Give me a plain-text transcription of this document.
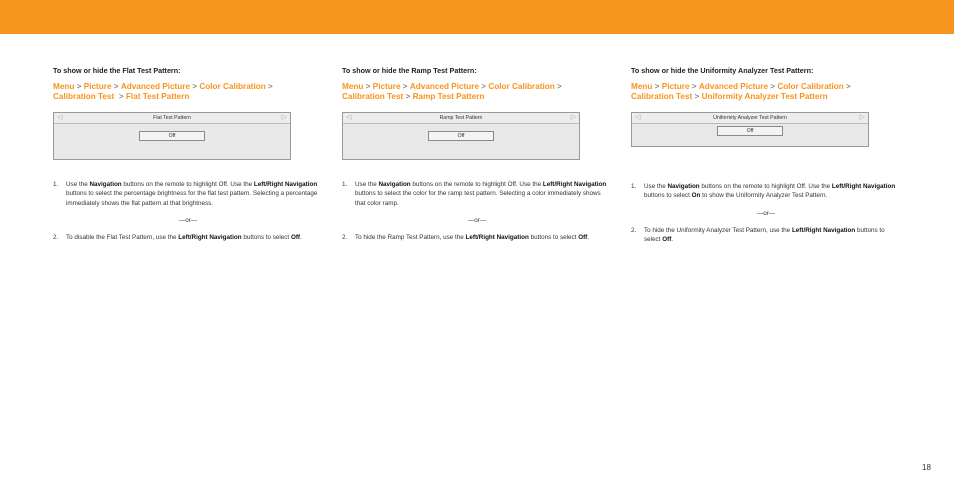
To show or hide the Flat Test Pattern:

Menu > Picture > Advanced Picture > Color Calibration >
Calibration Test  > Flat Test Pattern

◁	Flat Test Pattern	▷
Off
1. Use the Navigation buttons on the remote to highlight Off. Use the Left/Right Navigation buttons to select the percentage brightness for the flat test pattern. Selecting a percentage immediately shows the flat pattern at that brightness.
—or—
2. To disable the Flat Test Pattern, use the Left/Right Navigation buttons to select Off.

To show or hide the Ramp Test Pattern:

Menu > Picture > Advanced Picture > Color Calibration >
Calibration Test > Ramp Test Pattern

◁	Ramp Test Pattern	▷
Off
1. Use the Navigation buttons on the remote to highlight Off. Use the Left/Right Navigation buttons to select the color for the ramp test pattern. Selecting a color immediately shows that color ramp.
—or—
2. To hide the Ramp Test Pattern, use the Left/Right Navigation buttons to select Off.

To show or hide the Uniformity Analyzer Test Pattern:

Menu > Picture > Advanced Picture > Color Calibration >
Calibration Test > Uniformity Analyzer Test Pattern

◁	Uniformity Analyzer Test Pattern	▷
Off
1. Use the Navigation buttons on the remote to highlight Off. Use the Left/Right Navigation buttons to select On to show the Uniformity Analyzer Test Pattern.
—or—
2. To hide the Uniformity Analyzer Test Pattern, use the Left/Right Navigation buttons to select Off.
18
